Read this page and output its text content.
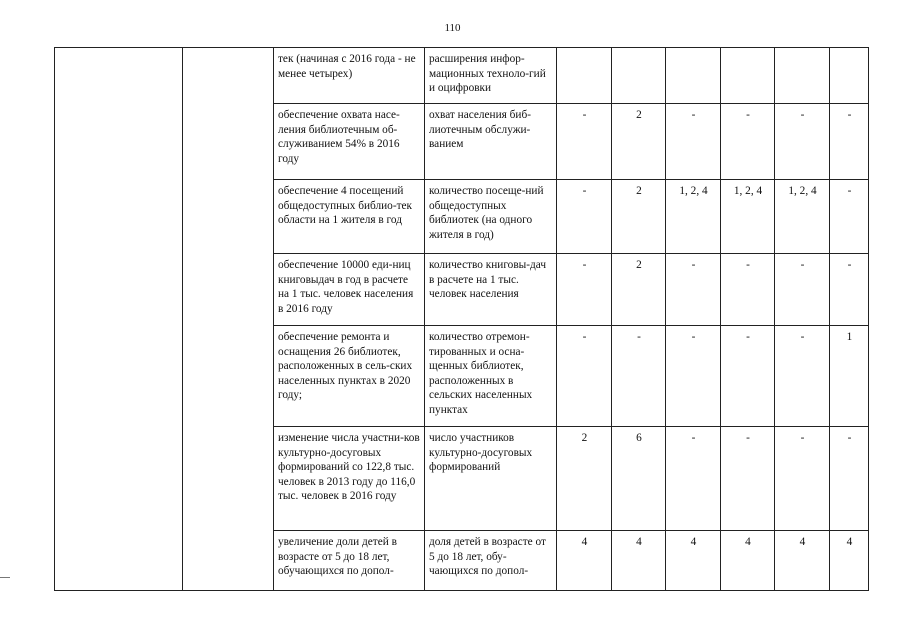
110
		тек (начиная с 2016 года - не менее четырех)	расширения инфор-мационных техноло-гий и оцифровки						
		обеспечение охвата насе-ления библиотечным об-служиванием 54% в 2016 году	охват населения биб-лиотечным обслужи-ванием	-	2	-	-	-	-
		обеспечение 4 посещений общедоступных библио-тек области на 1 жителя в год	количество посеще-ний общедоступных библиотек (на одного жителя в год)	-	2	1, 2, 4	1, 2, 4	1, 2, 4	-
		обеспечение 10000 еди-ниц книговыдач в год в расчете на 1 тыс. человек населения в 2016 году	количество книговы-дач в расчете на 1 тыс. человек населения	-	2	-	-	-	-
		обеспечение ремонта и оснащения 26 библиотек, расположенных в сель-ских населенных пунктах в 2020 году;	количество отремон-тированных и осна-щенных библиотек, расположенных в сельских населенных пунктах	-	-	-	-	-	1
		изменение числа участни-ков культурно-досуговых формирований со 122,8 тыс. человек в 2013 году до 116,0 тыс. человек в 2016 году	число участников культурно-досуговых формирований	2	6	-	-	-	-
		увеличение доли детей в возрасте от 5 до 18 лет, обучающихся по допол-	доля детей в возрасте от 5 до 18 лет, обу-чающихся по допол-	4	4	4	4	4	4
